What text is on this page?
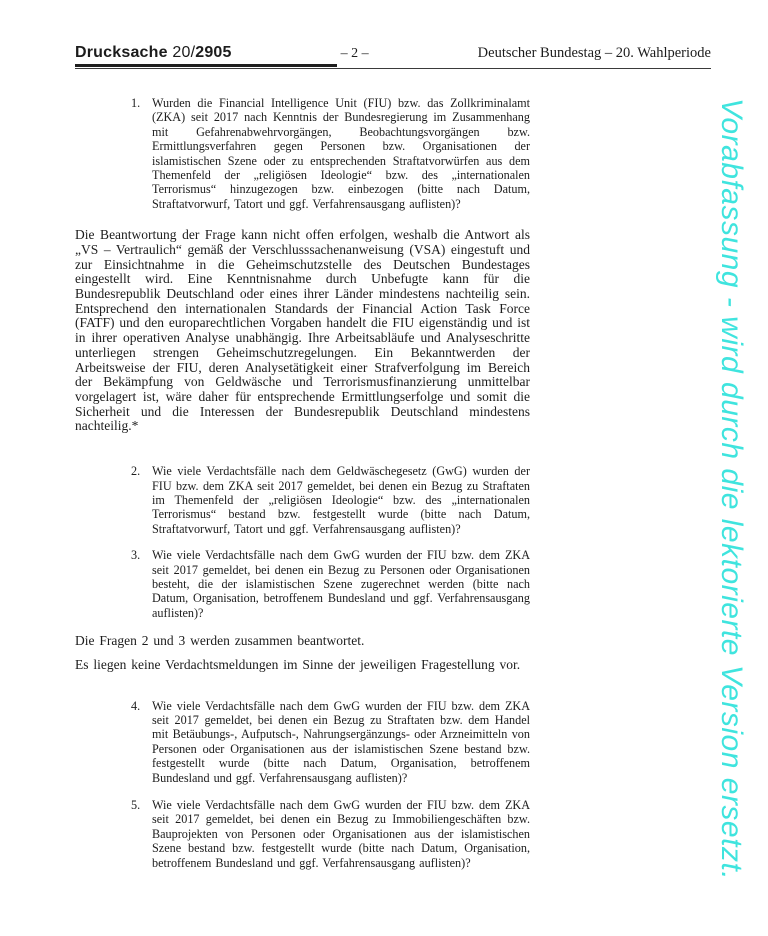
Drucksache 20/2905	– 2 –	Deutscher Bundestag – 20. Wahlperiode
1. Wurden die Financial Intelligence Unit (FIU) bzw. das Zollkriminalamt (ZKA) seit 2017 nach Kenntnis der Bundesregierung im Zusammenhang mit Gefahrenabwehrvorgängen, Beobachtungsvorgängen bzw. Ermittlungsverfahren gegen Personen bzw. Organisationen der islamistischen Szene oder zu entsprechenden Straftatvorwürfen aus dem Themenfeld der „religiösen Ideologie“ bzw. des „internationalen Terrorismus“ hinzugezogen bzw. einbezogen (bitte nach Datum, Straftatvorwurf, Tatort und ggf. Verfahrensausgang auflisten)?
Die Beantwortung der Frage kann nicht offen erfolgen, weshalb die Antwort als „VS – Vertraulich“ gemäß der Verschlusssachenanweisung (VSA) eingestuft und zur Einsichtnahme in die Geheimschutzstelle des Deutschen Bundestages eingestellt wird. Eine Kenntnisnahme durch Unbefugte kann für die Bundesrepublik Deutschland oder eines ihrer Länder mindestens nachteilig sein. Entsprechend den internationalen Standards der Financial Action Task Force (FATF) und den europarechtlichen Vorgaben handelt die FIU eigenständig und ist in ihrer operativen Analyse unabhängig. Ihre Arbeitsabläufe und Analyseschritte unterliegen strengen Geheimschutzregelungen. Ein Bekanntwerden der Arbeitsweise der FIU, deren Analysetätigkeit einer Strafverfolgung im Bereich der Bekämpfung von Geldwäsche und Terrorismusfinanzierung unmittelbar vorgelagert ist, wäre daher für entsprechende Ermittlungserfolge und somit die Sicherheit und die Interessen der Bundesrepublik Deutschland mindestens nachteilig.*
2. Wie viele Verdachtsfälle nach dem Geldwäschegesetz (GwG) wurden der FIU bzw. dem ZKA seit 2017 gemeldet, bei denen ein Bezug zu Straftaten im Themenfeld der „religiösen Ideologie“ bzw. des „internationalen Terrorismus“ bestand bzw. festgestellt wurde (bitte nach Datum, Straftatvorwurf, Tatort und ggf. Verfahrensausgang auflisten)?
3. Wie viele Verdachtsfälle nach dem GwG wurden der FIU bzw. dem ZKA seit 2017 gemeldet, bei denen ein Bezug zu Personen oder Organisationen besteht, die der islamistischen Szene zugerechnet werden (bitte nach Datum, Organisation, betroffenem Bundesland und ggf. Verfahrensausgang auflisten)?
Die Fragen 2 und 3 werden zusammen beantwortet.
Es liegen keine Verdachtsmeldungen im Sinne der jeweiligen Fragestellung vor.
4. Wie viele Verdachtsfälle nach dem GwG wurden der FIU bzw. dem ZKA seit 2017 gemeldet, bei denen ein Bezug zu Straftaten bzw. dem Handel mit Betäubungs-, Aufputsch-, Nahrungsergänzungs- oder Arzneimitteln von Personen oder Organisationen aus der islamistischen Szene bestand bzw. festgestellt wurde (bitte nach Datum, Organisation, betroffenem Bundesland und ggf. Verfahrensausgang auflisten)?
5. Wie viele Verdachtsfälle nach dem GwG wurden der FIU bzw. dem ZKA seit 2017 gemeldet, bei denen ein Bezug zu Immobiliengeschäften bzw. Bauprojekten von Personen oder Organisationen aus der islamistischen Szene bestand bzw. festgestellt wurde (bitte nach Datum, Organisation, betroffenem Bundesland und ggf. Verfahrensausgang auflisten)?	Vorabfassung - wird durch die lektorierte Version ersetzt.
